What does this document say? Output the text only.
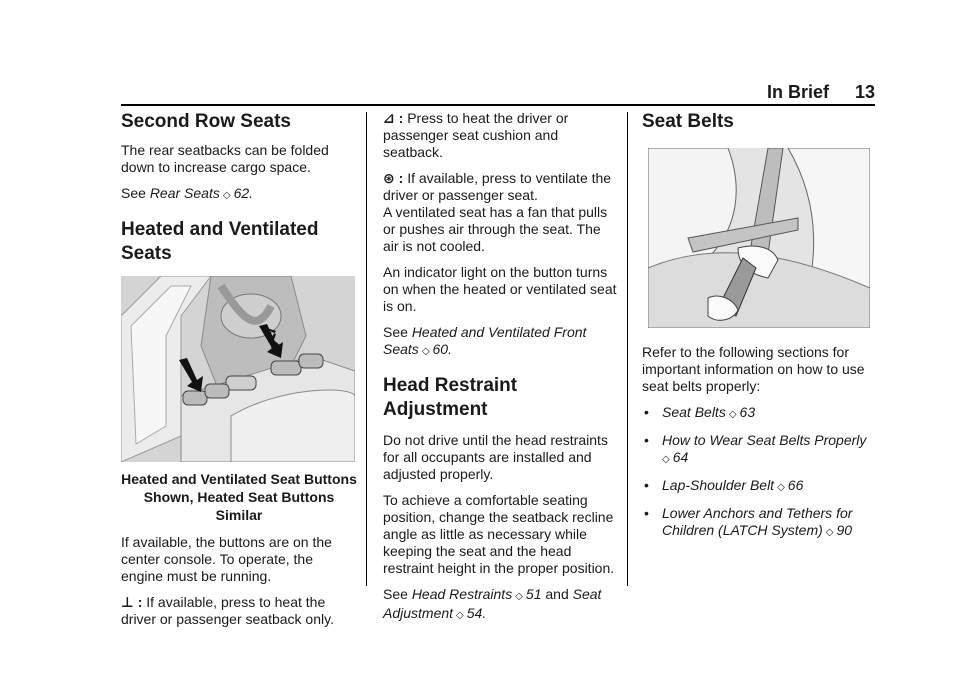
In Brief 13
Second Row Seats

The rear seatbacks can be folded down to increase cargo space.

See Rear Seats ◇ 62.

Heated and Ventilated Seats
Heated and Ventilated Seat Buttons Shown, Heated Seat Buttons Similar

If available, the buttons are on the center console. To operate, the engine must be running.

⊥ : If available, press to heat the driver or passenger seatback only.

⊿ : Press to heat the driver or passenger seat cushion and seatback.

⊛ : If available, press to ventilate the driver or passenger seat.

A ventilated seat has a fan that pulls or pushes air through the seat. The air is not cooled.

An indicator light on the button turns on when the heated or ventilated seat is on.

See Heated and Ventilated Front Seats ◇ 60.

Head Restraint Adjustment

Do not drive until the head restraints for all occupants are installed and adjusted properly.

To achieve a comfortable seating position, change the seatback recline angle as little as necessary while keeping the seat and the head restraint height in the proper position.

See Head Restraints ◇ 51 and Seat Adjustment ◇ 54.

Seat Belts

Refer to the following sections for important information on how to use seat belts properly:

• Seat Belts ◇ 63
• How to Wear Seat Belts Properly
◇ 64
• Lap-Shoulder Belt ◇ 66
• Lower Anchors and Tethers for Children (LATCH System) ◇ 90
